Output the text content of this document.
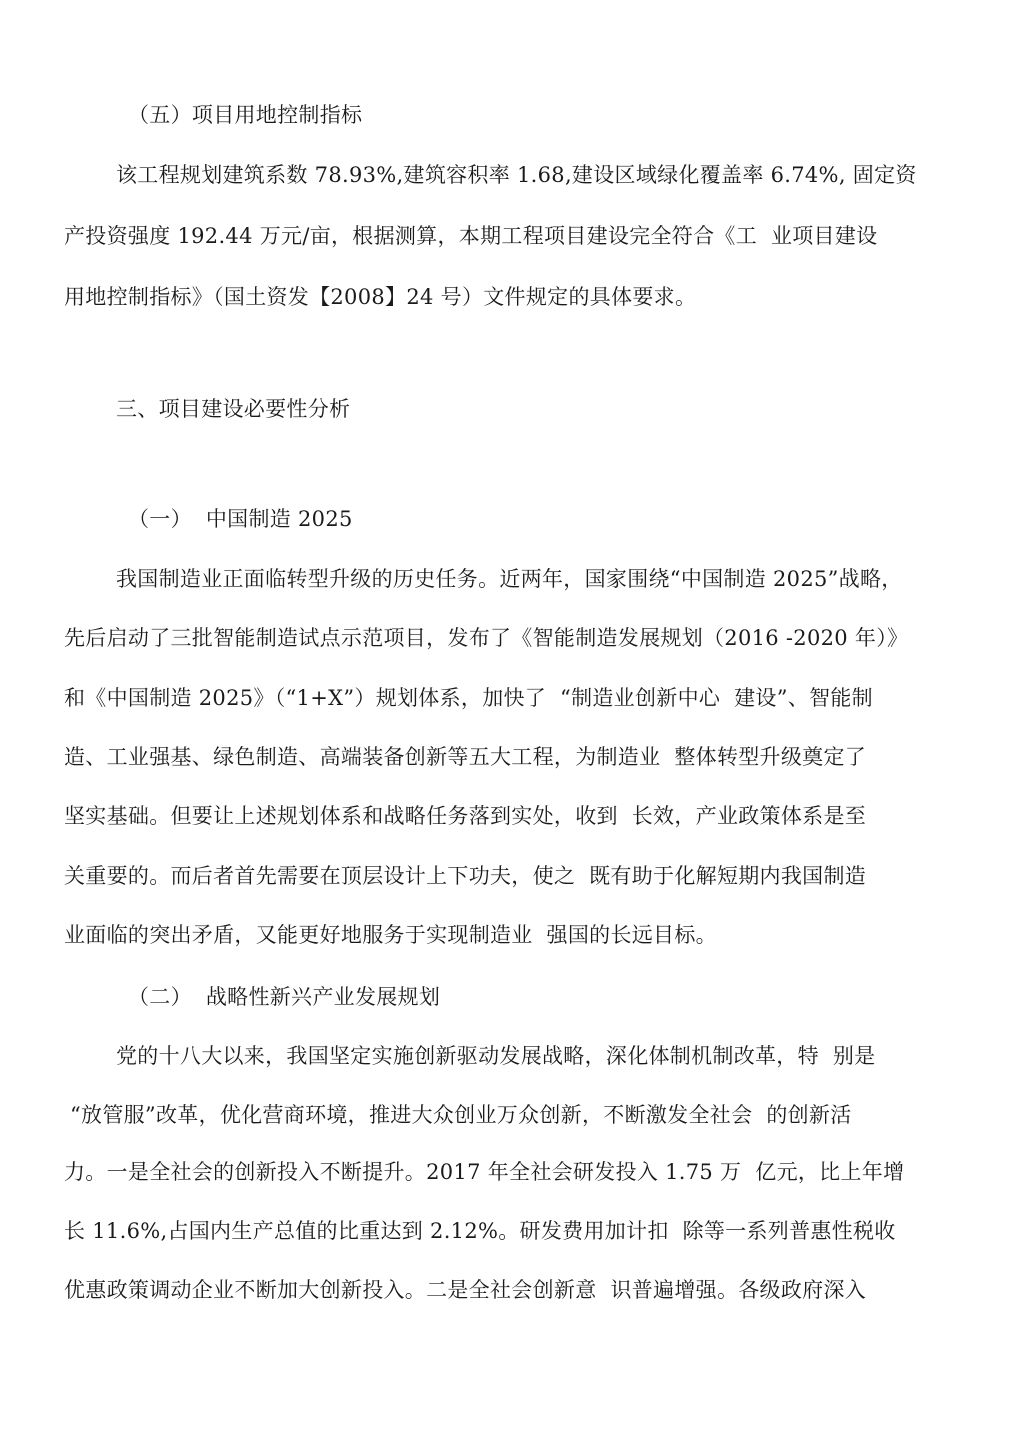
（五）项目用地控制指标
该工程规划建筑系数 78.93%,建筑容积率 1.68,建设区域绿化覆盖率 6.74%, 固定资
产投资强度 192.44 万元/亩，根据测算，本期工程项目建设完全符合《工  业项目建设
用地控制指标》（国土资发【2008】24 号）文件规定的具体要求。
三、项目建设必要性分析
（一）  中国制造 2025
我国制造业正面临转型升级的历史任务。近两年，国家围绕“中国制造 2025”战略，
先后启动了三批智能制造试点示范项目，发布了《智能制造发展规划（2016 -2020 年）》
和《中国制造 2025》（“1+X”）规划体系，加快了  “制造业创新中心  建设”、智能制
造、工业强基、绿色制造、高端装备创新等五大工程，为制造业  整体转型升级奠定了
坚实基础。但要让上述规划体系和战略任务落到实处，收到  长效，产业政策体系是至
关重要的。而后者首先需要在顶层设计上下功夫，使之  既有助于化解短期内我国制造
业面临的突出矛盾，又能更好地服务于实现制造业  强国的长远目标。
（二）  战略性新兴产业发展规划
党的十八大以来，我国坚定实施创新驱动发展战略，深化体制机制改革，特  别是
“放管服”改革，优化营商环境，推进大众创业万众创新，不断激发全社会  的创新活
力。一是全社会的创新投入不断提升。2017 年全社会研发投入 1.75 万  亿元，比上年增
长 11.6%,占国内生产总值的比重达到 2.12%。研发费用加计扣  除等一系列普惠性税收
优惠政策调动企业不断加大创新投入。二是全社会创新意  识普遍增强。各级政府深入
